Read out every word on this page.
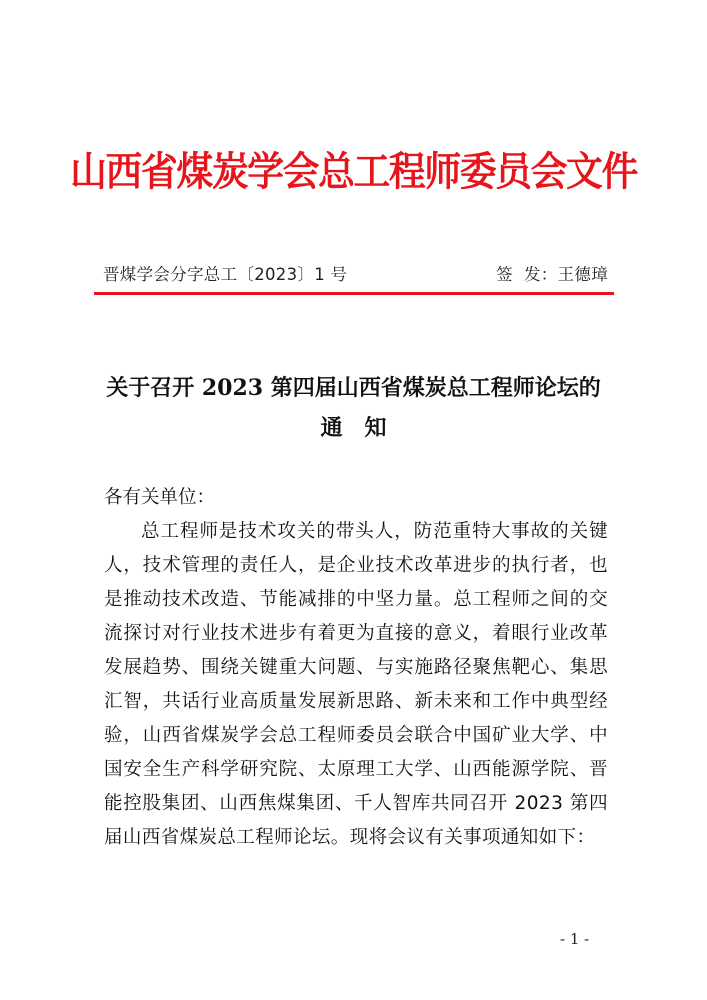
山西省煤炭学会总工程师委员会文件
晋煤学会分字总工〔2023〕1 号	签  发：王德璋
关于召开 2023 第四届山西省煤炭总工程师论坛的
通知
各有关单位：
总工程师是技术攻关的带头人，防范重特大事故的关键人，技术管理的责任人，是企业技术改革进步的执行者，也是推动技术改造、节能减排的中坚力量。总工程师之间的交流探讨对行业技术进步有着更为直接的意义，着眼行业改革发展趋势、围绕关键重大问题、与实施路径聚焦靶心、集思汇智，共话行业高质量发展新思路、新未来和工作中典型经验，山西省煤炭学会总工程师委员会联合中国矿业大学、中国安全生产科学研究院、太原理工大学、山西能源学院、晋能控股集团、山西焦煤集团、千人智库共同召开 2023 第四届山西省煤炭总工程师论坛。现将会议有关事项通知如下：
- 1 -
